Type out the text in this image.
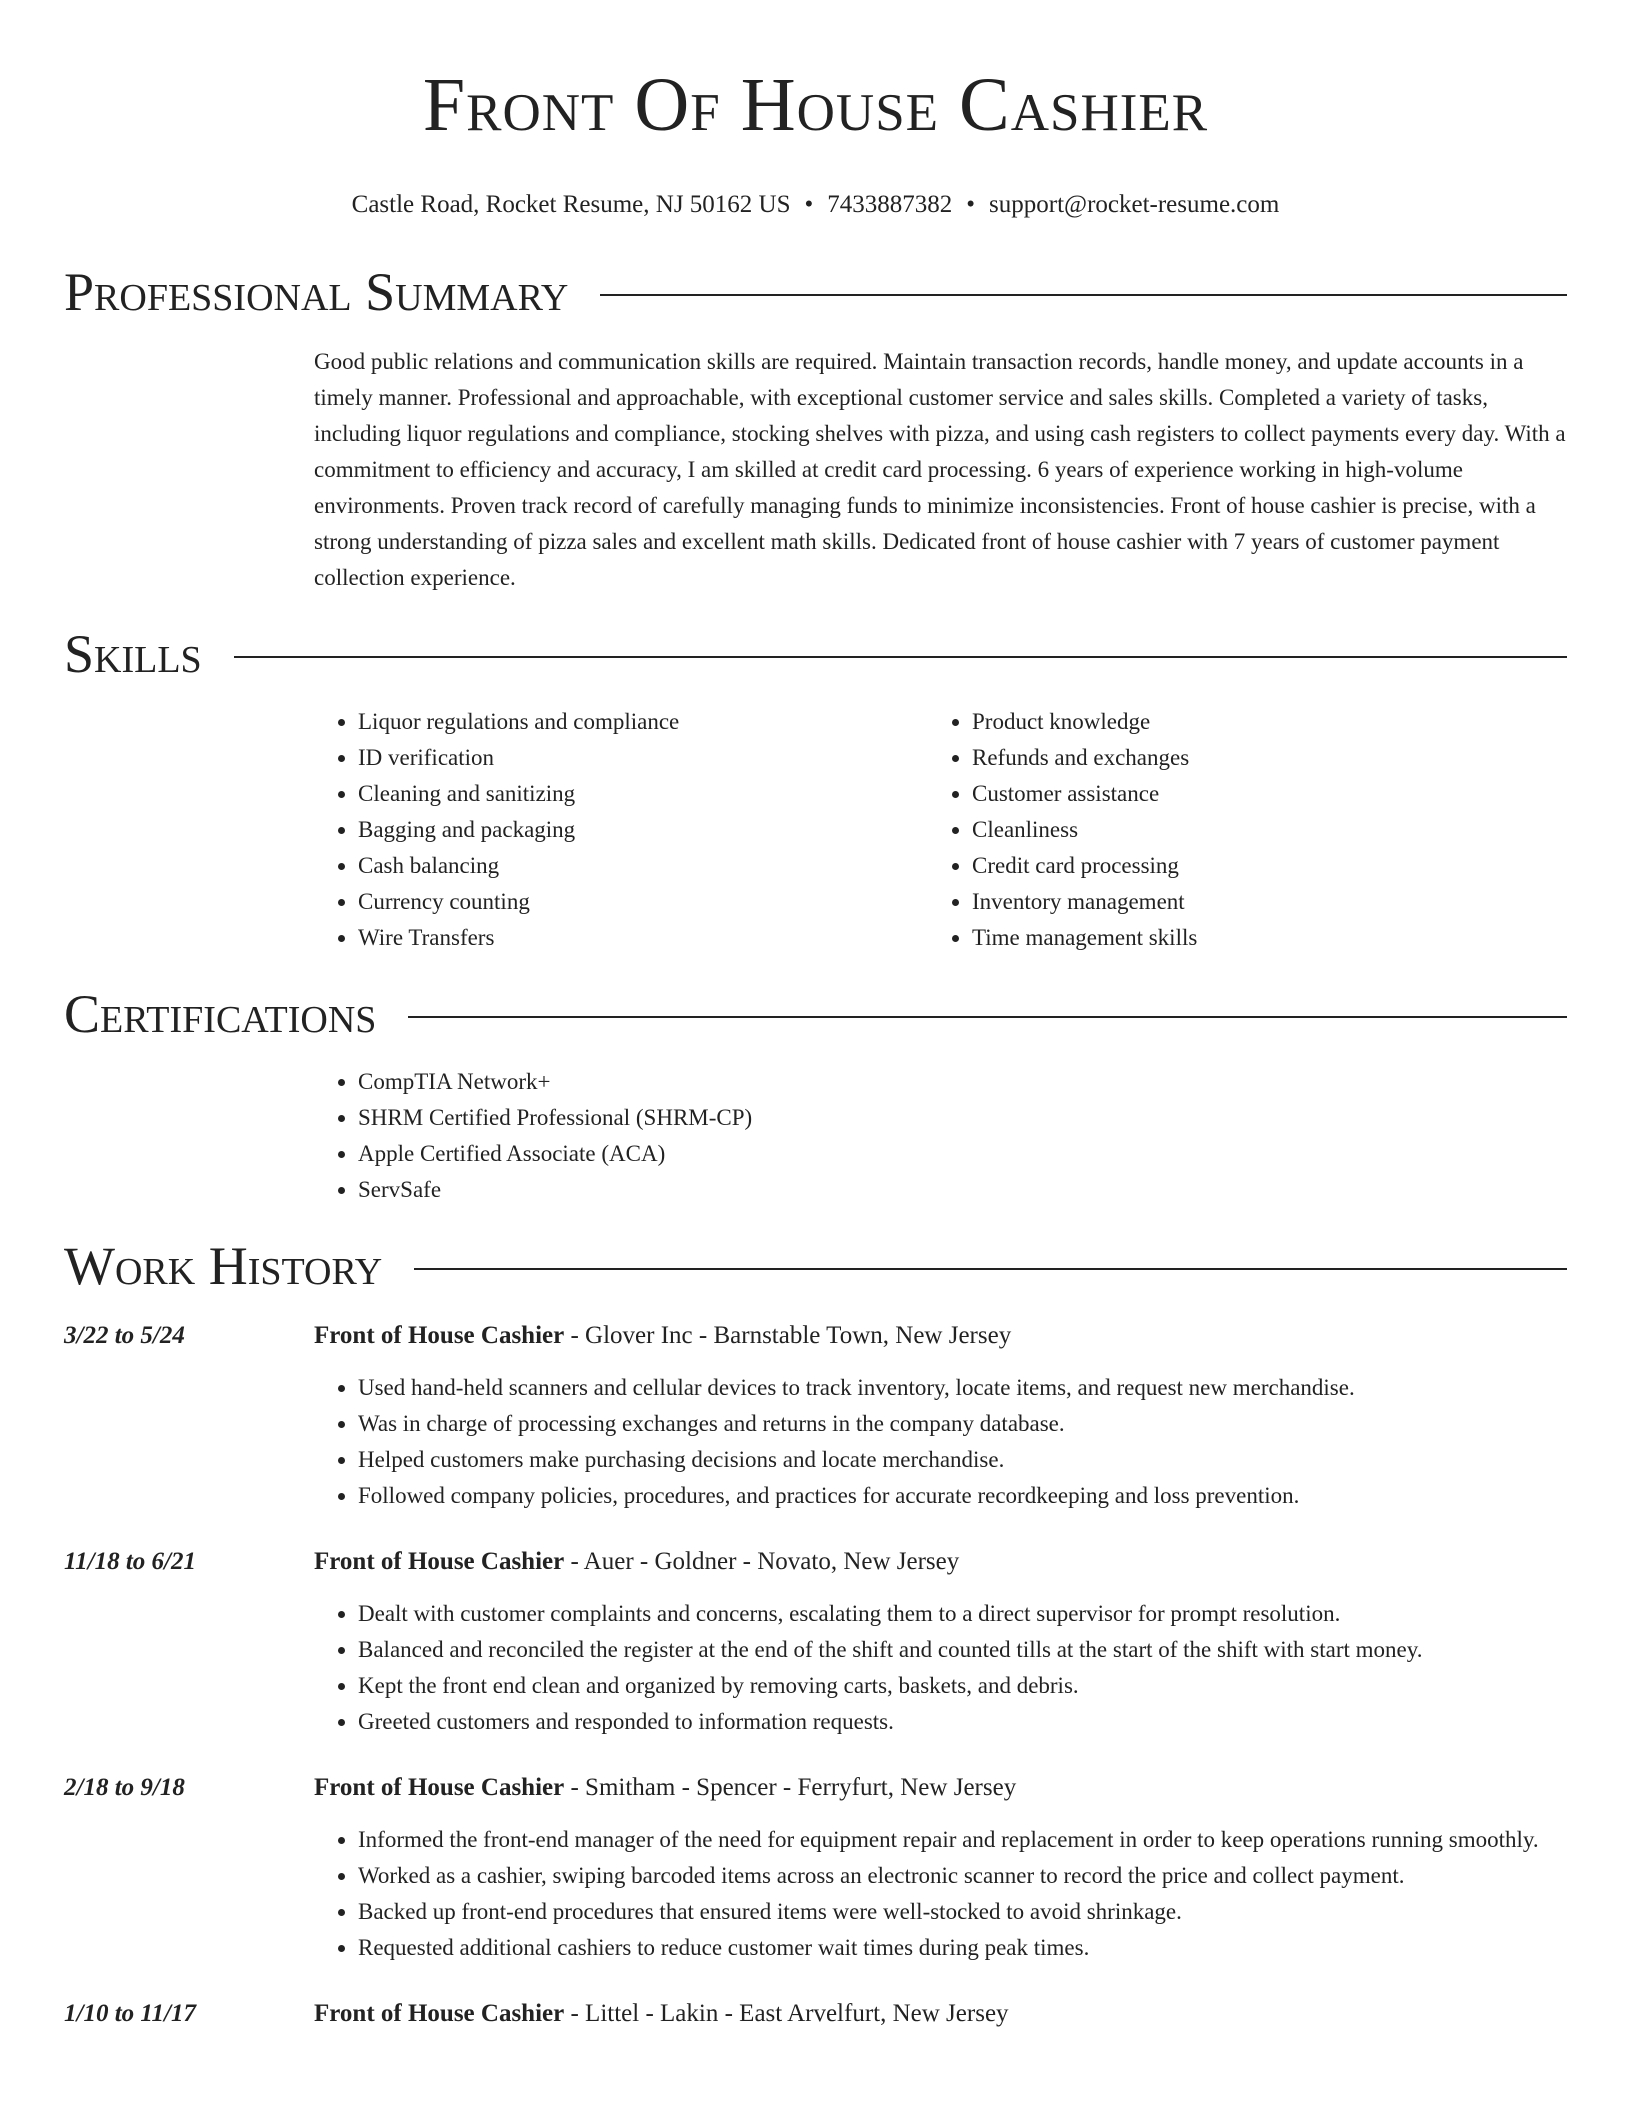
Front Of House Cashier
Castle Road, Rocket Resume, NJ 50162 US • 7433887382 • support@rocket-resume.com
Professional Summary
Good public relations and communication skills are required. Maintain transaction records, handle money, and update accounts in a timely manner. Professional and approachable, with exceptional customer service and sales skills. Completed a variety of tasks, including liquor regulations and compliance, stocking shelves with pizza, and using cash registers to collect payments every day. With a commitment to efficiency and accuracy, I am skilled at credit card processing. 6 years of experience working in high-volume environments. Proven track record of carefully managing funds to minimize inconsistencies. Front of house cashier is precise, with a strong understanding of pizza sales and excellent math skills. Dedicated front of house cashier with 7 years of customer payment collection experience.
Skills
• Liquor regulations and compliance
• ID verification
• Cleaning and sanitizing
• Bagging and packaging
• Cash balancing
• Currency counting
• Wire Transfers
• Product knowledge
• Refunds and exchanges
• Customer assistance
• Cleanliness
• Credit card processing
• Inventory management
• Time management skills
Certifications
• CompTIA Network+
• SHRM Certified Professional (SHRM-CP)
• Apple Certified Associate (ACA)
• ServSafe
Work History
3/22 to 5/24	Front of House Cashier - Glover Inc - Barnstable Town, New Jersey
• Used hand-held scanners and cellular devices to track inventory, locate items, and request new merchandise.
• Was in charge of processing exchanges and returns in the company database.
• Helped customers make purchasing decisions and locate merchandise.
• Followed company policies, procedures, and practices for accurate recordkeeping and loss prevention.
11/18 to 6/21	Front of House Cashier - Auer - Goldner - Novato, New Jersey
• Dealt with customer complaints and concerns, escalating them to a direct supervisor for prompt resolution.
• Balanced and reconciled the register at the end of the shift and counted tills at the start of the shift with start money.
• Kept the front end clean and organized by removing carts, baskets, and debris.
• Greeted customers and responded to information requests.
2/18 to 9/18	Front of House Cashier - Smitham - Spencer - Ferryfurt, New Jersey
• Informed the front-end manager of the need for equipment repair and replacement in order to keep operations running smoothly.
• Worked as a cashier, swiping barcoded items across an electronic scanner to record the price and collect payment.
• Backed up front-end procedures that ensured items were well-stocked to avoid shrinkage.
• Requested additional cashiers to reduce customer wait times during peak times.
1/10 to 11/17	Front of House Cashier - Littel - Lakin - East Arvelfurt, New Jersey
